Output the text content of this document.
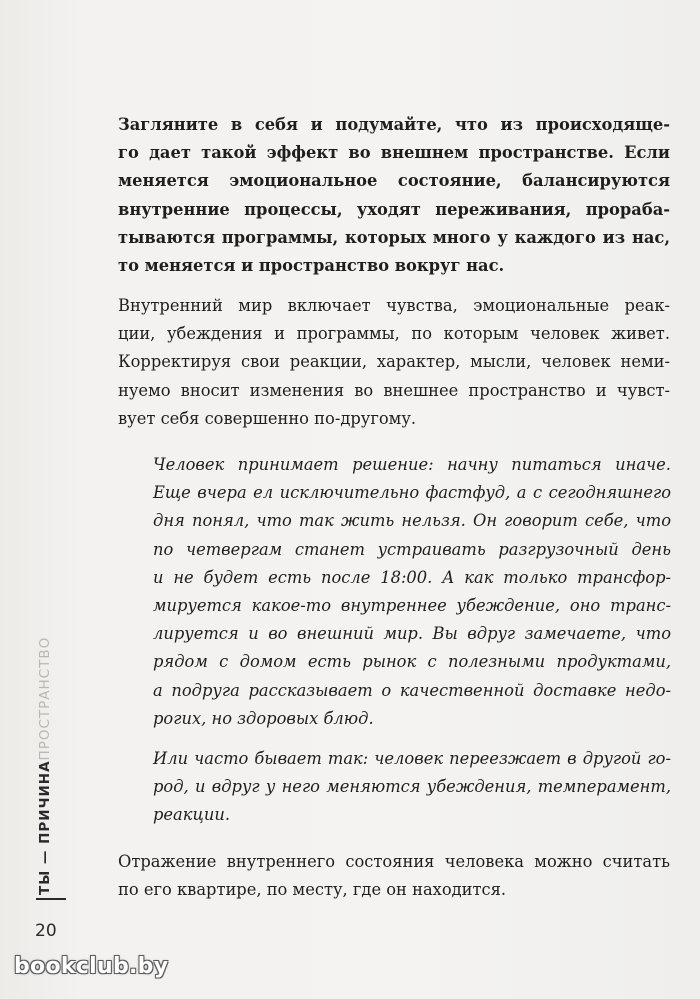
Загляните в себя и подумайте, что из происходяще-
го дает такой эффект во внешнем пространстве. Если
меняется эмоциональное состояние, балансируются
внутренние процессы, уходят переживания, прораба-
тываются программы, которых много у каждого из нас,
то меняется и пространство вокруг нас.

Внутренний мир включает чувства, эмоциональные реак-
ции, убеждения и программы, по которым человек живет.
Корректируя свои реакции, характер, мысли, человек неми-
нуемо вносит изменения во внешнее пространство и чувст-
вует себя совершенно по-другому.

Человек принимает решение: начну питаться иначе.
Еще вчера ел исключительно фастфуд, а с сегодняшнего
дня понял, что так жить нельзя. Он говорит себе, что
по четвергам станет устраивать разгрузочный день
и не будет есть после 18:00. А как только трансфор-
мируется какое-то внутреннее убеждение, оно транс-
лируется и во внешний мир. Вы вдруг замечаете, что
рядом с домом есть рынок с полезными продуктами,
а подруга рассказывает о качественной доставке недо-
рогих, но здоровых блюд.

Или часто бывает так: человек переезжает в другой го-
род, и вдруг у него меняются убеждения, темперамент,
реакции.

Отражение внутреннего состояния человека можно считать
по его квартире, по месту, где он находится.

ТЫ — ПРИЧИНАПРОСТРАНСТВО
20
bookclub.by
